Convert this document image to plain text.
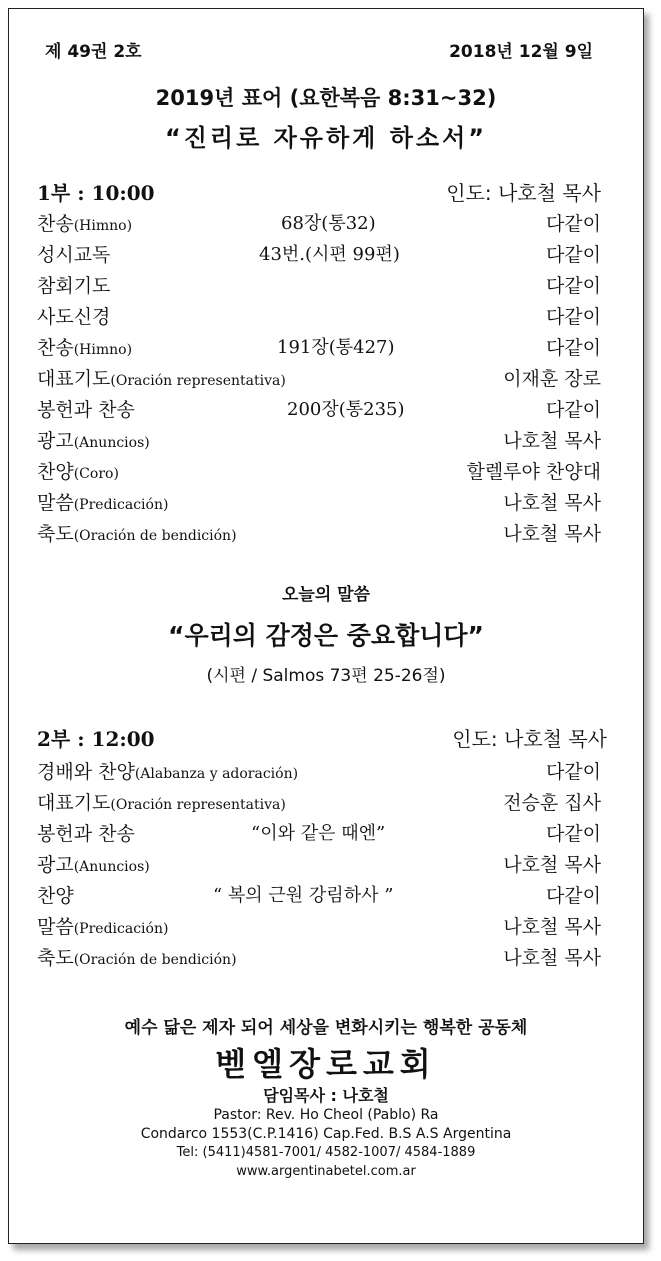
제 49권 2호	2018년 12월 9일
2019년 표어 (요한복음 8:31~32)
“진리로 자유하게 하소서”
1부 : 10:00	인도: 나호철 목사
찬송(Himno)	68장(통32)	다같이
성시교독	43번.(시편 99편)	다같이
참회기도	다같이
사도신경	다같이
찬송(Himno)	191장(통427)	다같이
대표기도(Oración representativa)	이재훈 장로
봉헌과 찬송	200장(통235)	다같이
광고(Anuncios)	나호철 목사
찬양(Coro)	할렐루야 찬양대
말씀(Predicación)	나호철 목사
축도(Oración de bendición)	나호철 목사
오늘의 말씀
“우리의 감정은 중요합니다”
(시편 / Salmos 73편 25-26절)
2부 : 12:00	인도: 나호철 목사
경배와 찬양(Alabanza y adoración)	다같이
대표기도(Oración representativa)	전승훈 집사
봉헌과 찬송	“이와 같은 때엔”	다같이
광고(Anuncios)	나호철 목사
찬양	“ 복의 근원 강림하사 ”	다같이
말씀(Predicación)	나호철 목사
축도(Oración de bendición)	나호철 목사
예수 닮은 제자 되어 세상을 변화시키는 행복한 공동체
벧엘장로교회
담임목사 : 나호철
Pastor: Rev. Ho Cheol (Pablo) Ra
Condarco 1553(C.P.1416) Cap.Fed. B.S A.S Argentina
Tel: (5411)4581-7001/ 4582-1007/ 4584-1889
www.argentinabetel.com.ar
